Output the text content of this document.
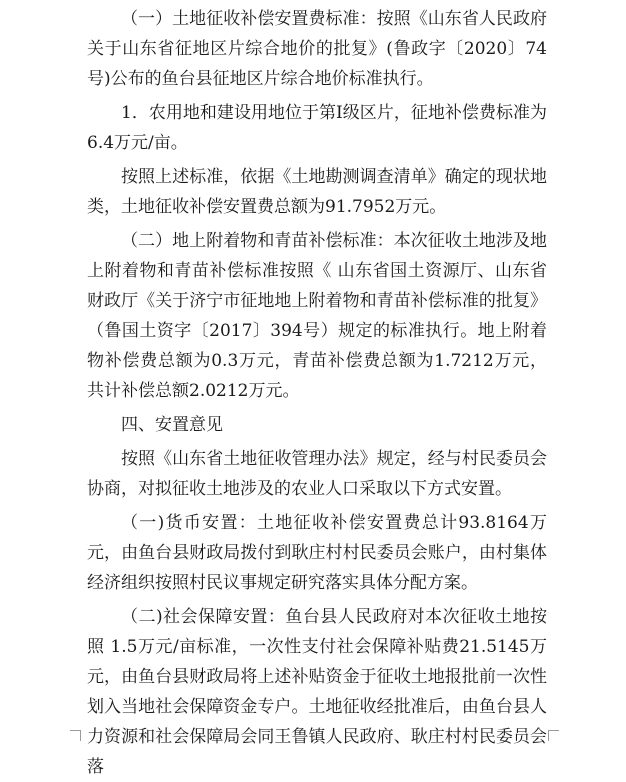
（一）土地征收补偿安置费标准：按照《山东省人民政府关于山东省征地区片综合地价的批复》(鲁政字〔2020〕74号)公布的鱼台县征地区片综合地价标准执行。

1．农用地和建设用地位于第Ⅰ级区片，征地补偿费标准为6.4万元/亩。

按照上述标准，依据《土地勘测调查清单》确定的现状地类，土地征收补偿安置费总额为91.7952万元。

（二）地上附着物和青苗补偿标准：本次征收土地涉及地上附着物和青苗补偿标准按照《 山东省国土资源厅、山东省财政厅《关于济宁市征地地上附着物和青苗补偿标准的批复》（鲁国土资字〔2017〕394号）规定的标准执行。地上附着物补偿费总额为0.3万元，青苗补偿费总额为1.7212万元，共计补偿总额2.0212万元。

四、安置意见

按照《山东省土地征收管理办法》规定，经与村民委员会协商，对拟征收土地涉及的农业人口采取以下方式安置。

（一)货币安置：土地征收补偿安置费总计93.8164万元，由鱼台县财政局拨付到耿庄村村民委员会账户，由村集体经济组织按照村民议事规定研究落实具体分配方案。

（二)社会保障安置：鱼台县人民政府对本次征收土地按照 1.5万元/亩标准，一次性支付社会保障补贴费21.5145万元，由鱼台县财政局将上述补贴资金于征收土地报批前一次性划入当地社会保障资金专户。土地征收经批准后，由鱼台县人力资源和社会保障局会同王鲁镇人民政府、耿庄村村民委员会落
